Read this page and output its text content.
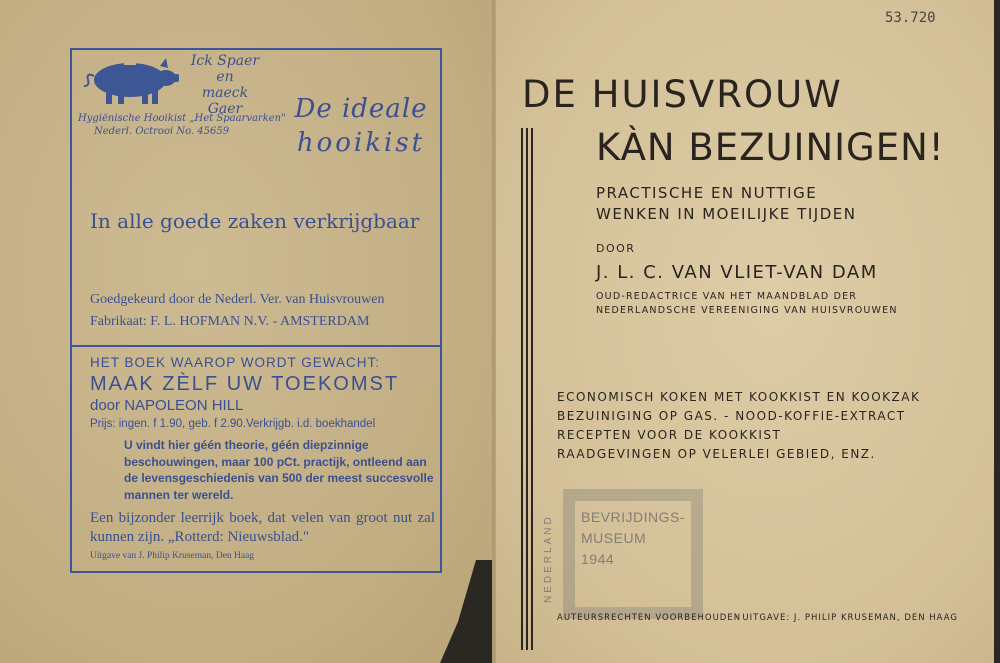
Ick Spaer
en
maeck Gaer
Hygiënische Hooikist „Het Spaarvarken"
Nederl. Octrooi No. 45659
De ideale
hooikist
In alle goede zaken verkrijgbaar
Goedgekeurd door de Nederl. Ver. van Huisvrouwen
Fabrikaat: F. L. HOFMAN N.V. - AMSTERDAM
HET BOEK WAAROP WORDT GEWACHT:
MAAK ZÈLF UW TOEKOMST
door NAPOLEON HILL
Prijs: ingen. f 1.90, geb. f 2.90.Verkrijgb. i.d. boekhandel
U vindt hier géén theorie, géén diepzinnige beschouwingen, maar 100 pCt. practijk, ontleend aan de levensgeschiedenis van 500 der meest succesvolle mannen ter wereld.
Een bijzonder leerrijk boek, dat velen van groot nut zal kunnen zijn. „Rotterd: Nieuwsblad."
Uitgave van J. Philip Kruseman, Den Haag
53.720
DE HUISVROUW
KÀN BEZUINIGEN!
PRACTISCHE EN NUTTIGE
WENKEN IN MOEILIJKE TIJDEN
DOOR
J. L. C. VAN VLIET-VAN DAM
OUD-REDACTRICE VAN HET MAANDBLAD DER
NEDERLANDSCHE VEREENIGING VAN HUISVROUWEN
ECONOMISCH KOKEN MET KOOKKIST EN KOOKZAK
BEZUINIGING OP GAS. - NOOD-KOFFIE-EXTRACT
RECEPTEN VOOR DE KOOKKIST
RAADGEVINGEN OP VELERLEI GEBIED, ENZ.
NEDERLAND BEVRIJDINGS-
MUSEUM
1944
AUTEURSRECHTEN VOORBEHOUDEN
· UITGAVE: J. PHILIP KRUSEMAN, DEN HAAG
